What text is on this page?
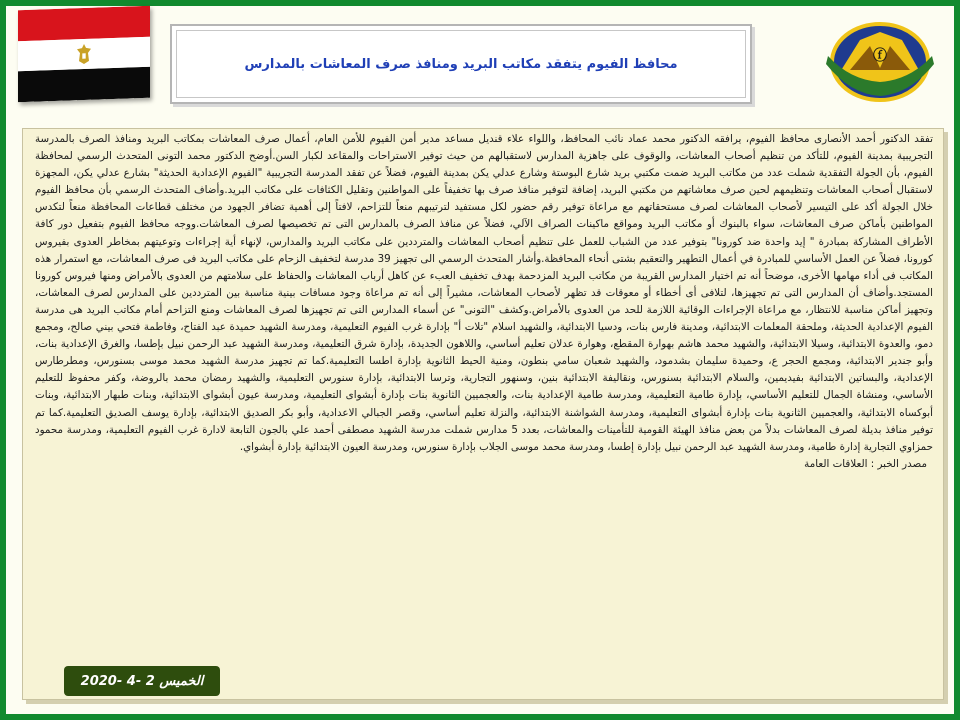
ⓕ
محافظ الفيوم يتفقد مكاتب البريد ومنافذ صرف المعاشات بالمدارس

تفقد الدكتور أحمد الأنصارى محافظ الفيوم، يرافقه الدكتور محمد عماد نائب المحافظ، واللواء علاء قنديل مساعد مدير أمن الفيوم للأمن العام، أعمال صرف المعاشات بمكاتب البريد ومنافذ الصرف بالمدرسة التجريبية بمدينة الفيوم، للتأكد من تنظيم أصحاب المعاشات، والوقوف على جاهزية المدارس لاستقبالهم من حيث توفير الاستراحات والمقاعد لكبار السن.أوضح الدكتور محمد التونى المتحدث الرسمي لمحافظة الفيوم، بأن الجولة التفقدية شملت عدد من مكاتب البريد ضمت مكتبي بريد شارع البوستة وشارع عدلي يكن بمدينة الفيوم، فضلاً عن تفقد المدرسة التجريبية "الفيوم الإعدادية الحديثة" بشارع عدلي يكن، المجهزة لاستقبال أصحاب المعاشات وتنظيمهم لحين صرف معاشاتهم من مكتبي البريد، إضافة لتوفير منافذ صرف بها تخفيفاً على المواطنين وتقليل الكثافات على مكاتب البريد.وأضاف المتحدث الرسمي بأن محافظ الفيوم خلال الجولة أكد على التيسير لأصحاب المعاشات لصرف مستحقاتهم مع مراعاة توفير رقم حضور لكل مستفيد لترتيبهم منعاً للتزاحم، لافتاً إلى أهمية تضافر الجهود من مختلف قطاعات المحافظة منعاً لتكدس المواطنين بأماكن صرف المعاشات، سواء بالبنوك أو مكاتب البريد ومواقع ماكينات الصراف الآلي، فضلاً عن منافذ الصرف بالمدارس التى تم تخصيصها لصرف المعاشات.ووجه محافظ الفيوم بتفعيل دور كافة الأطراف المشاركة بمبادرة " إيد واحدة ضد كورونا" بتوفير عدد من الشباب للعمل على تنظيم أصحاب المعاشات والمترددين على مكاتب البريد والمدارس، لإنهاء أية إجراءات وتوعيتهم بمخاطر العدوى بفيروس كورونا، فضلاً عن العمل الأساسي للمبادرة في أعمال التطهير والتعقيم بشتى أنحاء المحافظة.وأشار المتحدث الرسمي الى تجهيز 39 مدرسة لتخفيف الزحام على مكاتب البريد فى صرف المعاشات، مع استمرار هذه المكاتب فى أداء مهامها الأخرى، موضحاً أنه تم اختيار المدارس القريبة من مكاتب البريد المزدحمة بهدف تخفيف العبء عن كاهل أرباب المعاشات والحفاظ على سلامتهم من العدوى بالأمراض ومنها فيروس كورونا المستجد.وأضاف أن المدارس التى تم تجهيزها، لتلافى أى أخطاء أو معوقات قد تظهر لأصحاب المعاشات، مشيراً إلى أنه تم مراعاة وجود مسافات بينية مناسبة بين المترددين على المدارس لصرف المعاشات، وتجهيز أماكن مناسبة للانتظار، مع مراعاة الإجراءات الوقائية اللازمة للحد من العدوى بالأمراض.وكشف "التونى" عن أسماء المدارس التى تم تجهيزها لصرف المعاشات ومنع التزاحم أمام مكاتب البريد هى مدرسة الفيوم الإعدادية الحديثة، وملحقة المعلمات الابتدائية، ومدينة فارس بنات، ودسيا الابتدائية، والشهيد اسلام "تلات أ" بإدارة غرب الفيوم التعليمية، ومدرسة الشهيد حميدة عبد الفتاح، وفاطمة فتحي بيني صالح، ومجمع دمو، والعدوة الابتدائية، وسيلا الابتدائية، والشهيد محمد هاشم بهوارة المقطع، وهوارة عدلان تعليم أساسي، واللاهون الجديدة، بإدارة شرق التعليمية، ومدرسة الشهيد عبد الرحمن نبيل بإطسا، والغرق الإعدادية بنات، وأبو جندير الابتدائية، ومجمع الحجر ع، وحميدة سليمان بشدمود، والشهيد شعبان سامي بنطون، ومنية الحيط الثانوية بإدارة اطسا التعليمية.كما تم تجهيز مدرسة الشهيد محمد موسى بسنورس، ومطرطارس الإعدادية، والبساتين الابتدائية بفيديمين، والسلام الابتدائية بسنورس، ونقاليفة الابتدائية بنين، وسنهور التجارية، وترسا الابتدائية، بإدارة سنورس التعليمية، والشهيد رمضان محمد بالروضة، وكفر محفوظ للتعليم الأساسي، ومنشاة الجمال للتعليم الأساسي، بإدارة طامية التعليمية، ومدرسة طامية الإعدادية بنات، والعجميين الثانوية بنات بإدارة أبشواى التعليمية، ومدرسة عيون أبشواى الابتدائية، وبنات طبهار الابتدائية، وبنات أبوكساه الابتدائية، والعجميين الثانوية بنات بإدارة أبشواى التعليمية، ومدرسة الشواشنة الابتدائية، والنزلة تعليم أساسي، وقصر الجبالي الاعدادية، وأبو بكر الصديق الابتدائية، بإدارة يوسف الصديق التعليمية.كما تم توفير منافذ بديلة لصرف المعاشات بدلاً من بعض منافذ الهيئة القومية للتأمينات والمعاشات، بعدد 5 مدارس شملت مدرسة الشهيد مصطفى أحمد علي بالجون التابعة لادارة غرب الفيوم التعليمية، ومدرسة محمود حمزاوي التجارية إدارة طامية، ومدرسة الشهيد عبد الرحمن نبيل بإدارة إطسا، ومدرسة محمد موسى الجلاب بإدارة سنورس، ومدرسة العيون الابتدائية بإدارة أبشواي.

مصدر الخبر : العلاقات العامة

الخميس 2 -4 -2020
